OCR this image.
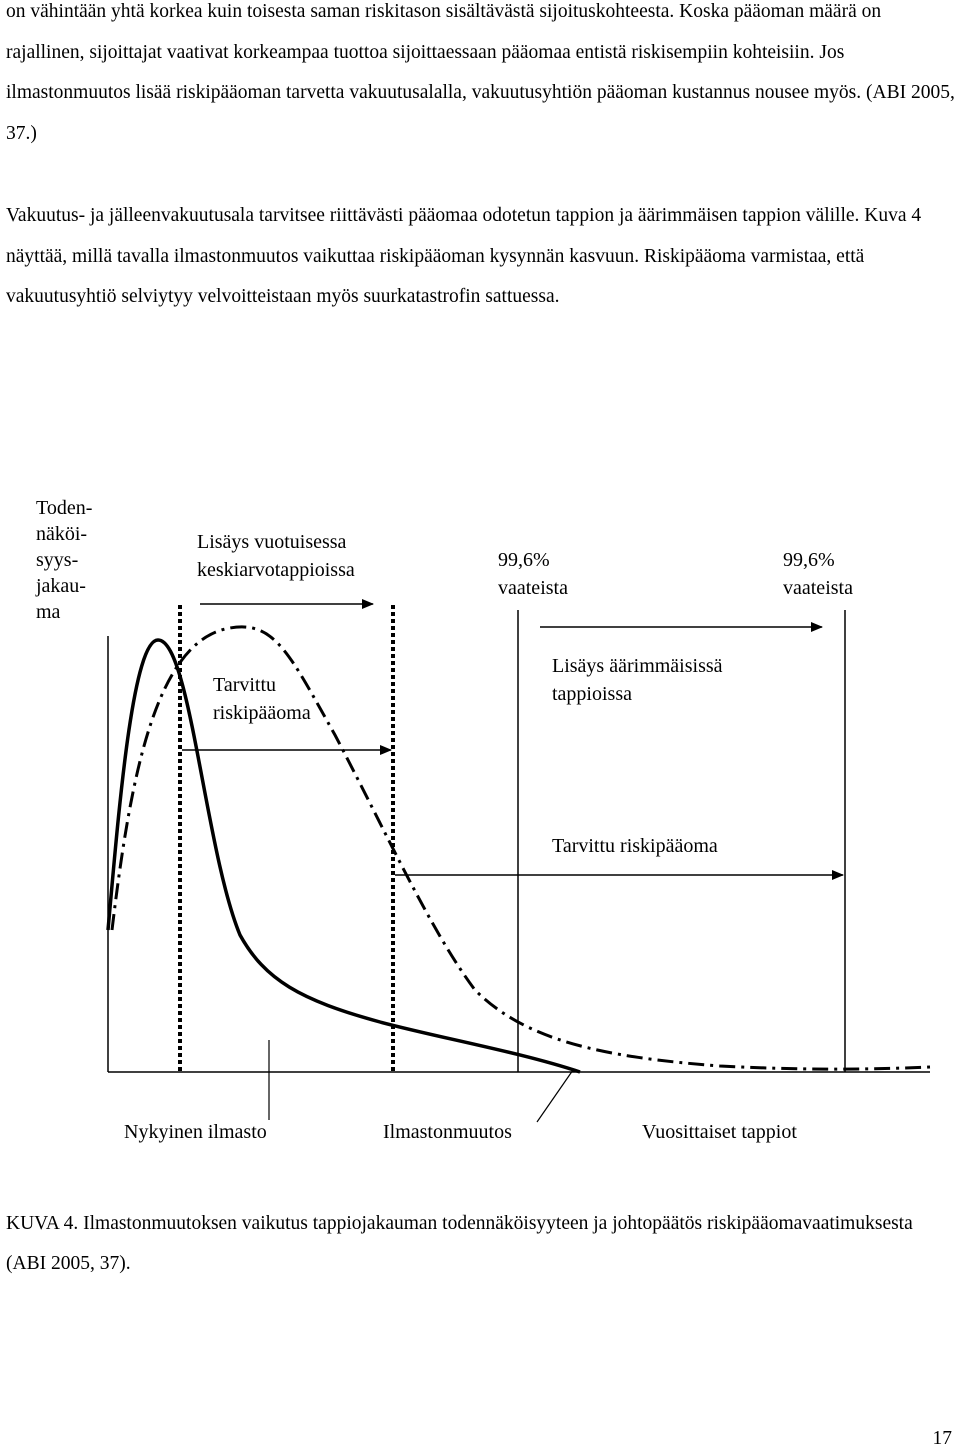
on vähintään yhtä korkea kuin toisesta saman riskitason sisältävästä sijoituskohteesta. Koska pääoman määrä on rajallinen, sijoittajat vaativat korkeampaa tuottoa sijoittaessaan pääomaa entistä riskisempiin kohteisiin. Jos ilmastonmuutos lisää riskipääoman tarvetta vakuutusalalla, vakuutusyhtiön pääoman kustannus nousee myös. (ABI 2005, 37.)

Vakuutus- ja jälleenvakuutusala tarvitsee riittävästi pääomaa odotetun tappion ja äärimmäisen tappion välille. Kuva 4 näyttää, millä tavalla ilmastonmuutos vaikuttaa riskipääoman kysynnän kasvuun. Riskipääoma varmistaa, että vakuutusyhtiö selviytyy velvoitteistaan myös suurkatastrofin sattuessa.

Toden- näköi- syys- jakau- ma
Lisäys vuotuisessa keskiarvotappioissa	99,6% vaateista
99,6% vaateista
Tarvittu riskipääoma
Lisäys äärimmäisissä tappioissa
Tarvittu riskipääoma
Nykyinen ilmasto	Ilmastonmuutos	Vuosittaiset tappiot

KUVA 4. Ilmastonmuutoksen vaikutus tappiojakauman todennäköisyyteen ja johtopäätös riskipääomavaatimuksesta (ABI 2005, 37).

17
